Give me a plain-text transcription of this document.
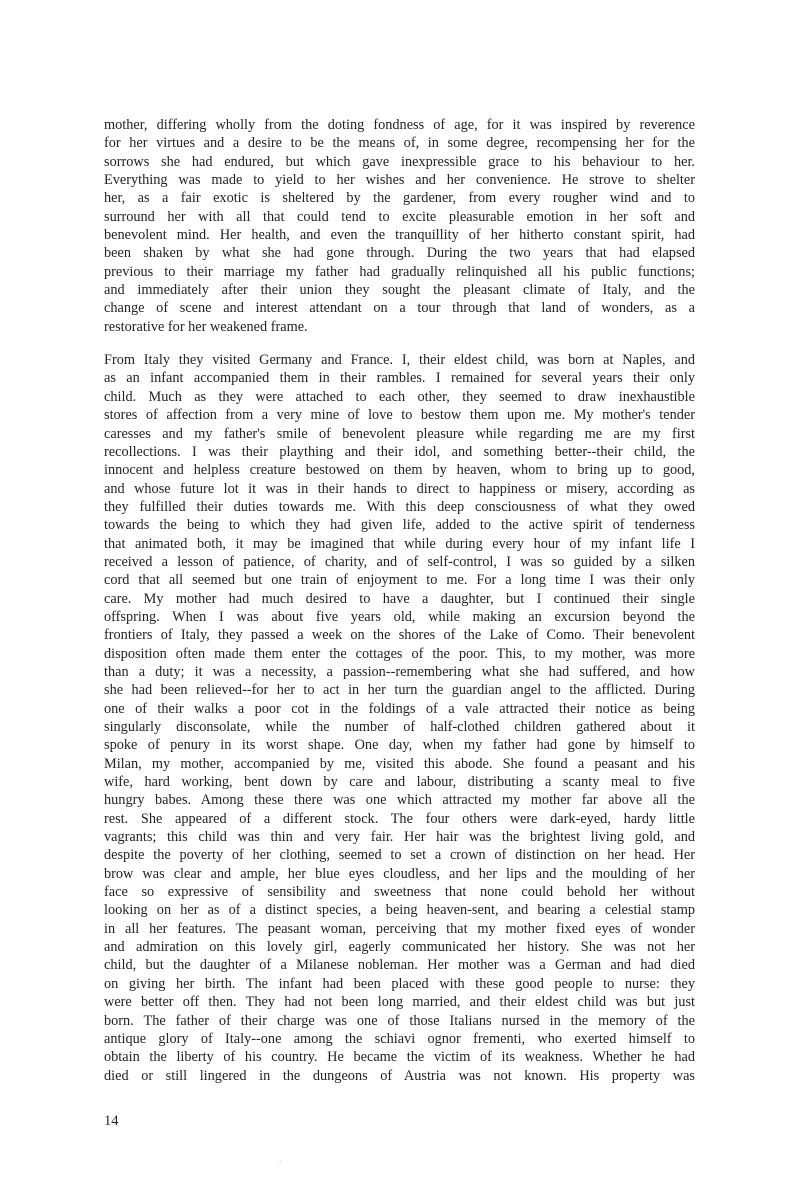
mother, differing wholly from the doting fondness of age, for it was inspired by reverence
for her virtues and a desire to be the means of, in some degree, recompensing her for the
sorrows she had endured, but which gave inexpressible grace to his behaviour to her.
Everything was made to yield to her wishes and her convenience. He strove to shelter
her, as a fair exotic is sheltered by the gardener, from every rougher wind and to
surround her with all that could tend to excite pleasurable emotion in her soft and
benevolent mind. Her health, and even the tranquillity of her hitherto constant spirit, had
been shaken by what she had gone through. During the two years that had elapsed
previous to their marriage my father had gradually relinquished all his public functions;
and immediately after their union they sought the pleasant climate of Italy, and the
change of scene and interest attendant on a tour through that land of wonders, as a
restorative for her weakened frame.
From Italy they visited Germany and France. I, their eldest child, was born at Naples, and
as an infant accompanied them in their rambles. I remained for several years their only
child. Much as they were attached to each other, they seemed to draw inexhaustible
stores of affection from a very mine of love to bestow them upon me. My mother's tender
caresses and my father's smile of benevolent pleasure while regarding me are my first
recollections. I was their plaything and their idol, and something better--their child, the
innocent and helpless creature bestowed on them by heaven, whom to bring up to good,
and whose future lot it was in their hands to direct to happiness or misery, according as
they fulfilled their duties towards me. With this deep consciousness of what they owed
towards the being to which they had given life, added to the active spirit of tenderness
that animated both, it may be imagined that while during every hour of my infant life I
received a lesson of patience, of charity, and of self-control, I was so guided by a silken
cord that all seemed but one train of enjoyment to me. For a long time I was their only
care. My mother had much desired to have a daughter, but I continued their single
offspring. When I was about five years old, while making an excursion beyond the
frontiers of Italy, they passed a week on the shores of the Lake of Como. Their benevolent
disposition often made them enter the cottages of the poor. This, to my mother, was more
than a duty; it was a necessity, a passion--remembering what she had suffered, and how
she had been relieved--for her to act in her turn the guardian angel to the afflicted. During
one of their walks a poor cot in the foldings of a vale attracted their notice as being
singularly disconsolate, while the number of half-clothed children gathered about it
spoke of penury in its worst shape. One day, when my father had gone by himself to
Milan, my mother, accompanied by me, visited this abode. She found a peasant and his
wife, hard working, bent down by care and labour, distributing a scanty meal to five
hungry babes. Among these there was one which attracted my mother far above all the
rest. She appeared of a different stock. The four others were dark-eyed, hardy little
vagrants; this child was thin and very fair. Her hair was the brightest living gold, and
despite the poverty of her clothing, seemed to set a crown of distinction on her head. Her
brow was clear and ample, her blue eyes cloudless, and her lips and the moulding of her
face so expressive of sensibility and sweetness that none could behold her without
looking on her as of a distinct species, a being heaven-sent, and bearing a celestial stamp
in all her features. The peasant woman, perceiving that my mother fixed eyes of wonder
and admiration on this lovely girl, eagerly communicated her history. She was not her
child, but the daughter of a Milanese nobleman. Her mother was a German and had died
on giving her birth. The infant had been placed with these good people to nurse: they
were better off then. They had not been long married, and their eldest child was but just
born. The father of their charge was one of those Italians nursed in the memory of the
antique glory of Italy--one among the schiavi ognor frementi, who exerted himself to
obtain the liberty of his country. He became the victim of its weakness. Whether he had
died or still lingered in the dungeons of Austria was not known. His property was
14
